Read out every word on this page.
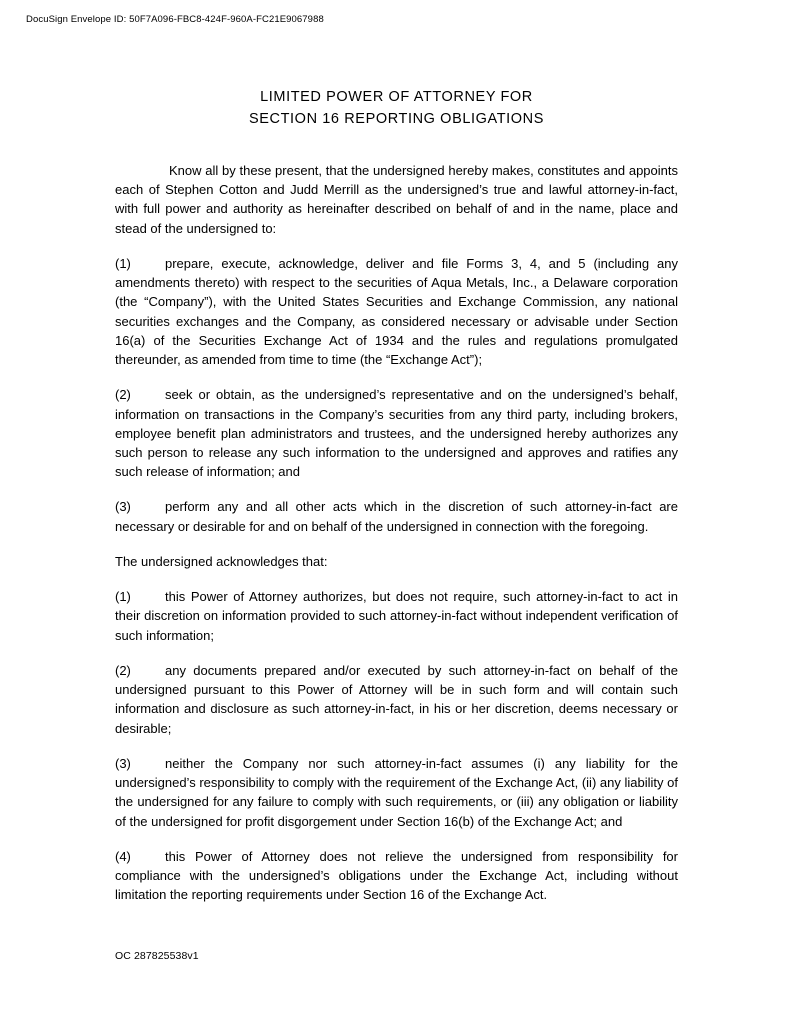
DocuSign Envelope ID: 50F7A096-FBC8-424F-960A-FC21E9067988
LIMITED POWER OF ATTORNEY FOR
SECTION 16 REPORTING OBLIGATIONS

Know all by these present, that the undersigned hereby makes, constitutes and appoints each of Stephen Cotton and Judd Merrill as the undersigned’s true and lawful attorney-in-fact, with full power and authority as hereinafter described on behalf of and in the name, place and stead of the undersigned to:

(1)	prepare, execute, acknowledge, deliver and file Forms 3, 4, and 5 (including any amendments thereto) with respect to the securities of Aqua Metals, Inc., a Delaware corporation (the “Company”), with the United States Securities and Exchange Commission, any national securities exchanges and the Company, as considered necessary or advisable under Section 16(a) of the Securities Exchange Act of 1934 and the rules and regulations promulgated thereunder, as amended from time to time (the “Exchange Act”);

(2)	seek or obtain, as the undersigned’s representative and on the undersigned’s behalf, information on transactions in the Company’s securities from any third party, including brokers, employee benefit plan administrators and trustees, and the undersigned hereby authorizes any such person to release any such information to the undersigned and approves and ratifies any such release of information; and

(3)	perform any and all other acts which in the discretion of such attorney-in-fact are necessary or desirable for and on behalf of the undersigned in connection with the foregoing.

The undersigned acknowledges that:

(1)	this Power of Attorney authorizes, but does not require, such attorney-in-fact to act in their discretion on information provided to such attorney-in-fact without independent verification of such information;

(2)	any documents prepared and/or executed by such attorney-in-fact on behalf of the undersigned pursuant to this Power of Attorney will be in such form and will contain such information and disclosure as such attorney-in-fact, in his or her discretion, deems necessary or desirable;

(3)	neither the Company nor such attorney-in-fact assumes (i) any liability for the undersigned’s responsibility to comply with the requirement of the Exchange Act, (ii) any liability of the undersigned for any failure to comply with such requirements, or (iii) any obligation or liability of the undersigned for profit disgorgement under Section 16(b) of the Exchange Act; and

(4)	this Power of Attorney does not relieve the undersigned from responsibility for compliance with the undersigned’s obligations under the Exchange Act, including without limitation the reporting requirements under Section 16 of the Exchange Act.

OC 287825538v1
